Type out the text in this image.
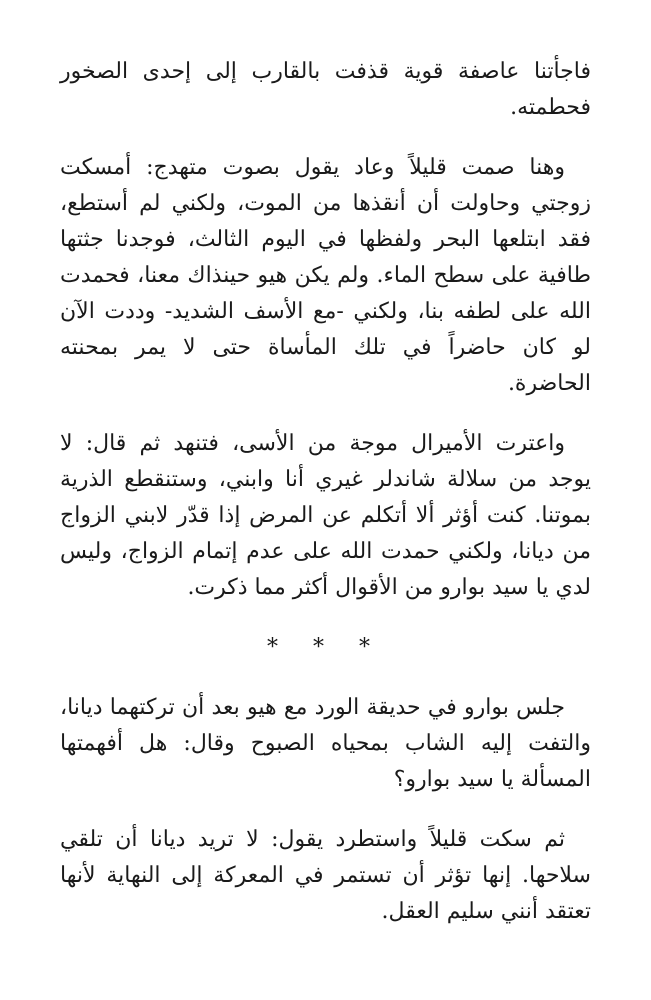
فاجأتنا عاصفة قوية قذفت بالقارب إلى إحدى الصخور فحطمته.

وهنا صمت قليلاً وعاد يقول بصوت متهدج: أمسكت زوجتي وحاولت أن أنقذها من الموت، ولكني لم أستطع، فقد ابتلعها البحر ولفظها في اليوم الثالث، فوجدنا جثتها طافية على سطح الماء. ولم يكن هيو حينذاك معنا، فحمدت الله على لطفه بنا، ولكني -مع الأسف الشديد- وددت الآن لو كان حاضراً في تلك المأساة حتى لا يمر بمحنته الحاضرة.

واعترت الأميرال موجة من الأسى، فتنهد ثم قال: لا يوجد من سلالة شاندلر غيري أنا وابني، وستنقطع الذرية بموتنا. كنت أؤثر ألا أتكلم عن المرض إذا قدّر لابني الزواج من ديانا، ولكني حمدت الله على عدم إتمام الزواج، وليس لدي يا سيد بوارو من الأقوال أكثر مما ذكرت.

* * *

جلس بوارو في حديقة الورد مع هيو بعد أن تركتهما ديانا، والتفت إليه الشاب بمحياه الصبوح وقال: هل أفهمتها المسألة يا سيد بوارو؟

ثم سكت قليلاً واستطرد يقول: لا تريد ديانا أن تلقي سلاحها. إنها تؤثر أن تستمر في المعركة إلى النهاية لأنها تعتقد أنني سليم العقل.
